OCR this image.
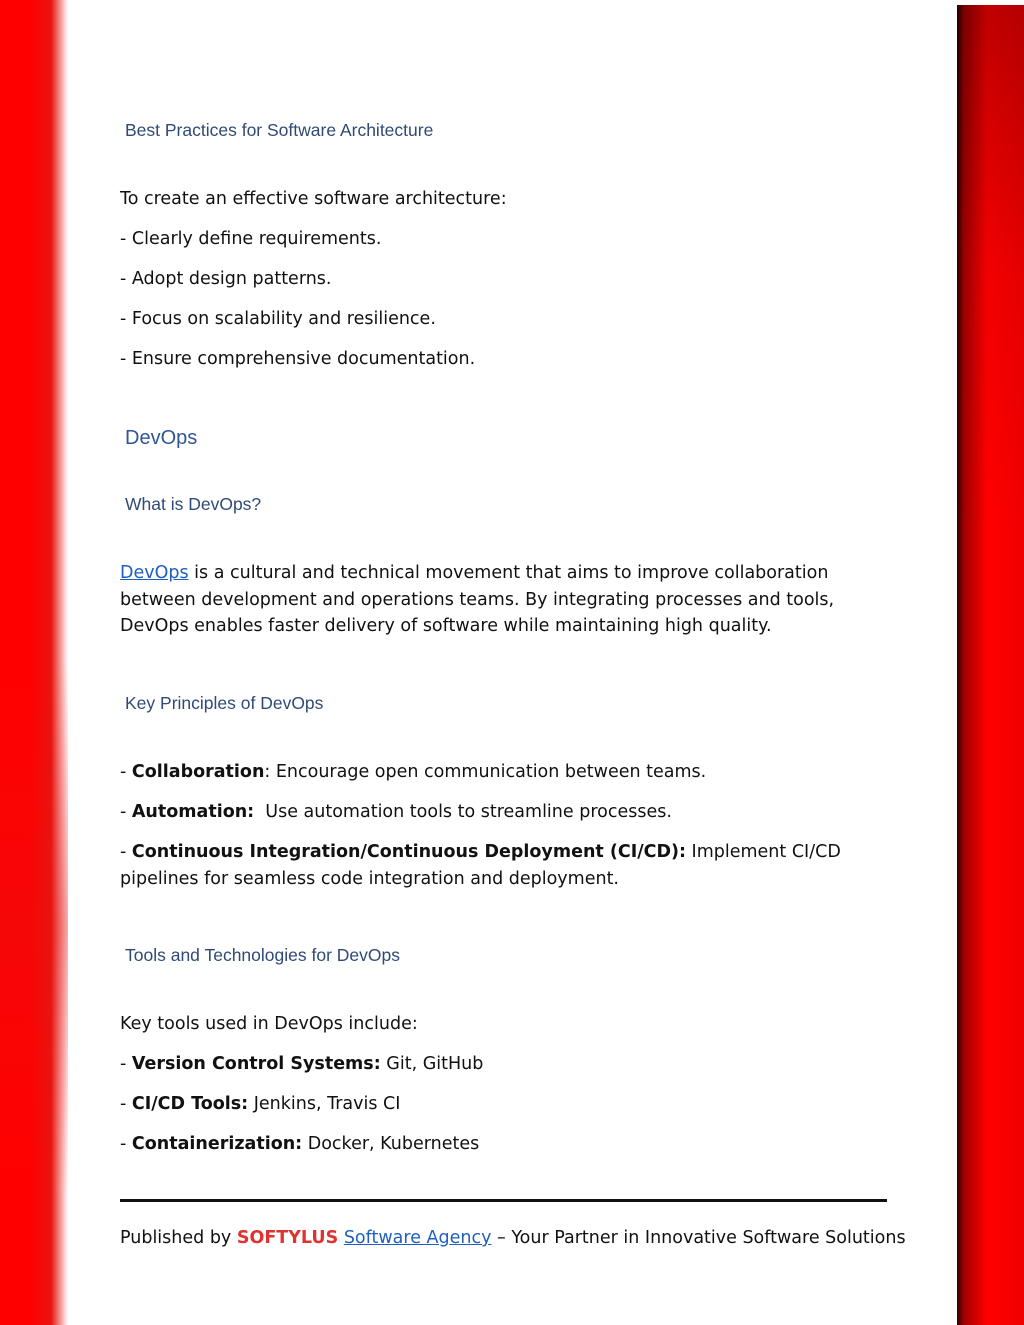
Best Practices for Software Architecture

To create an effective software architecture:

- Clearly define requirements.

- Adopt design patterns.

- Focus on scalability and resilience.

- Ensure comprehensive documentation.

DevOps
What is DevOps?

DevOps is a cultural and technical movement that aims to improve collaboration between development and operations teams. By integrating processes and tools, DevOps enables faster delivery of software while maintaining high quality.

Key Principles of DevOps

- Collaboration: Encourage open communication between teams.

- Automation:  Use automation tools to streamline processes.

- Continuous Integration/Continuous Deployment (CI/CD): Implement CI/CD pipelines for seamless code integration and deployment.

Tools and Technologies for DevOps

Key tools used in DevOps include:

- Version Control Systems: Git, GitHub

- CI/CD Tools: Jenkins, Travis CI

- Containerization: Docker, Kubernetes

Published by SOFTYLUS Software Agency – Your Partner in Innovative Software Solutions
